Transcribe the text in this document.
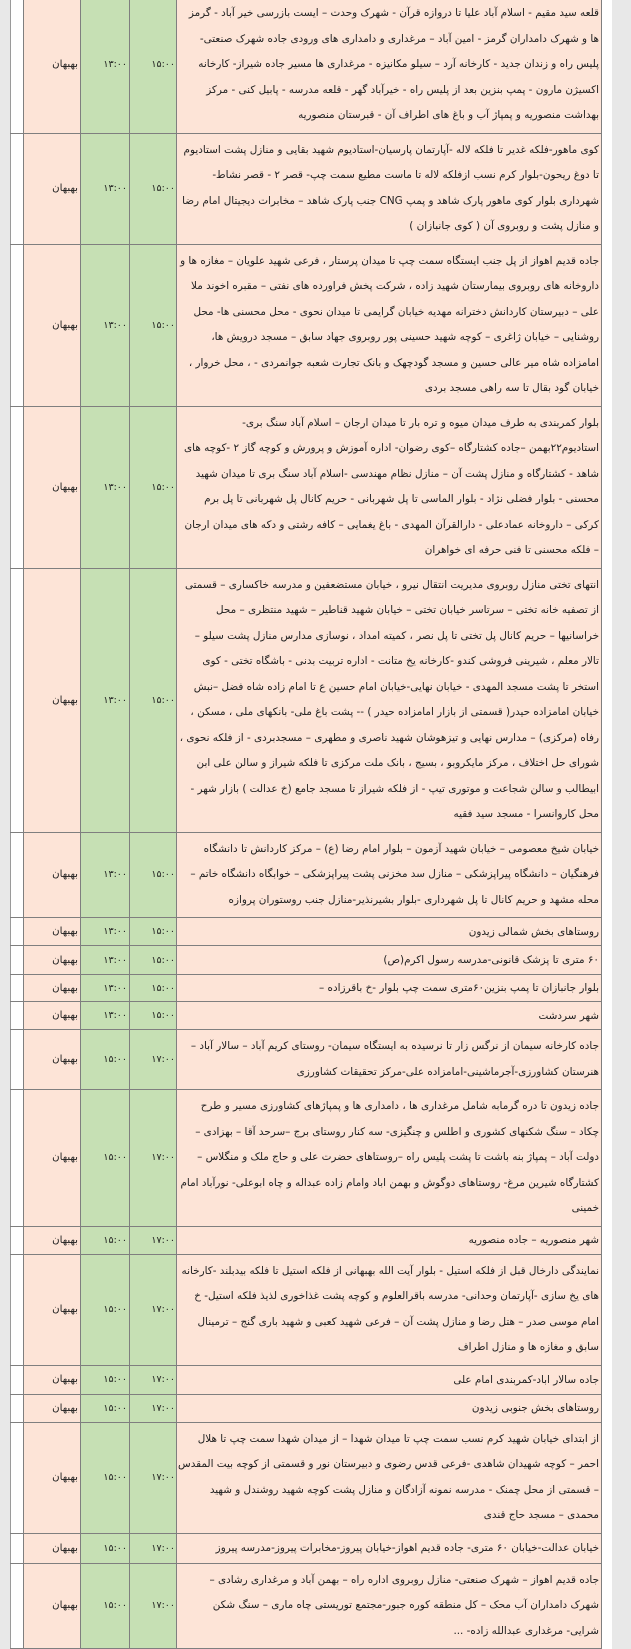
	بهبهان	۱۳:۰۰	۱۵:۰۰	قلعه سید مقیم - اسلام آباد علیا تا دروازه قرآن - شهرک وحدت – ایست بازرسی خیر آباد - گرمز ها و شهرک دامداران گرمز - امین آباد – مرغداری و دامداری های ورودی جاده شهرک صنعتی- پلیس راه و زندان جدید - کارخانه آرد – سیلو مکانیزه - مرغداری ها مسیر جاده شیراز- کارخانه اکسیژن مارون - پمپ بنزین بعد از پلیس راه - خیرآباد گهر - قلعه مدرسه - پابیل کنی - مرکز بهداشت منصوریه و پمپاژ آب و باغ های اطراف آن - قبرستان منصوریه
	بهبهان	۱۳:۰۰	۱۵:۰۰	کوی ماهور-فلکه غدیر تا فلکه لاله -آپارتمان پارسیان-استادیوم شهید بقایی و منازل پشت استادیوم تا دوغ ریحون-بلوار کرم نسب ازفلکه لاله تا ماست مطیع سمت چپ- قصر ۲ - قصر نشاط- شهرداری بلوار کوی ماهور پارک شاهد و پمپ CNG جنب پارک شاهد – مخابرات دیجیتال امام رضا و منازل پشت و روبروی آن ( کوی جانبازان )
	بهبهان	۱۳:۰۰	۱۵:۰۰	جاده قدیم اهواز از پل جنب ایستگاه سمت چپ تا میدان پرستار ، فرعی شهید علویان – مغازه ها و داروخانه های روبروی بیمارستان شهید زاده ، شرکت پخش فراورده های نفتی – مقبره اخوند ملا علی – دبیرستان کاردانش دخترانه مهدیه خیابان گرایمی تا میدان نحوی - محل محسنی ها- محل روشنایی – خیابان ژاغری – کوچه شهید حسینی پور روبروی جهاد سابق – مسجد درویش ها، امامزاده شاه میر عالی حسین و مسجد گودچهک و بانک تجارت شعبه جوانمردی - ، محل خروار ، خیابان گود بقال تا سه راهی مسجد بردی
	بهبهان	۱۳:۰۰	۱۵:۰۰	بلوار کمربندی به طرف میدان میوه و تره بار تا میدان ارجان – اسلام آباد سنگ بری-استادیوم۲۲بهمن –جاده کشتارگاه –کوی رضوان- اداره آموزش و پرورش و کوچه گاز ۲ -کوچه های شاهد - کشتارگاه و منازل پشت آن – منازل نظام مهندسی -اسلام آباد سنگ بری تا میدان شهید محسنی - بلوار فضلی نژاد - بلوار الماسی تا پل شهربانی - حریم کانال پل شهربانی تا پل برم کرکی – داروخانه عمادعلی - دارالقرآن المهدی - باغ یغمایی – کافه رشتی و دکه های میدان ارجان – فلکه محسنی تا فنی حرفه ای خواهران
	بهبهان	۱۳:۰۰	۱۵:۰۰	انتهای تختی منازل روبروی مدیریت انتقال نیرو ، خیابان مستضعفین و مدرسه خاکساری – قسمتی از تصفیه خانه تختی – سرتاسر خیابان تختی – خیابان شهید قناطیر – شهید منتظری – محل خراسانیها – حریم کانال پل تختی تا پل نصر ، کمیته امداد ، نوسازی مدارس منازل پشت سیلو – تالار معلم ، شیرینی فروشی کندو -کارخانه یخ متانت - اداره تربیت بدنی - باشگاه تختی - کوی استخر تا پشت مسجد المهدی - خیابان نهایی-خیابان امام حسین ع تا امام زاده شاه فضل –نبش خیابان امامزاده حیدر( قسمتی از بازار امامزاده حیدر ) -- پشت باغ ملی- بانکهای ملی ، مسکن ، رفاه (مرکزی) – مدارس نهایی و تیزهوشان شهید ناصری و مطهری – مسجدبردی - از فلکه نحوی ، شورای حل اختلاف ، مرکز مایکروبو ، بسیج ، بانک ملت مرکزی تا فلکه شیراز و سالن علی ابن ابیطالب و سالن شجاعت و موتوری تیپ - از فلکه شیراز تا مسجد جامع (خ عدالت ) بازار شهر - محل کاروانسرا - مسجد سید فقیه
	بهبهان	۱۳:۰۰	۱۵:۰۰	خیابان شیخ معصومی – خیابان شهید آزمون – بلوار امام رضا (ع) – مرکز کاردانش تا دانشگاه فرهنگیان – دانشگاه پیراپزشکی – منازل سد مخزنی پشت پیراپزشکی – خوابگاه دانشگاه خاتم – محله مشهد و حریم کانال تا پل شهرداری -بلوار بشیرنذیر-منازل جنب روستوران پروازه
	بهبهان	۱۳:۰۰	۱۵:۰۰	روستاهای بخش شمالی زیدون
	بهبهان	۱۳:۰۰	۱۵:۰۰	۶۰ متری تا پزشک قانونی-مدرسه رسول اکرم(ص)
	بهبهان	۱۳:۰۰	۱۵:۰۰	بلوار جانبازان تا پمپ بنزین۶۰متری سمت چپ بلوار -خ باقرزاده –
	بهبهان	۱۳:۰۰	۱۵:۰۰	شهر سردشت
	بهبهان	۱۵:۰۰	۱۷:۰۰	جاده کارخانه سیمان از نرگس زار تا نرسیده به ایستگاه سیمان- روستای کریم آباد – سالار آباد – هنرستان کشاورزی-آجرماشینی-امامزاده علی-مرکز تحقیقات کشاورزی
	بهبهان	۱۵:۰۰	۱۷:۰۰	جاده زیدون تا دره گرمابه شامل مرغداری ها ، دامداری ها و پمپاژهای کشاورزی مسیر و طرح چکاد – سنگ شکنهای کشوری و اطلس و چنگیزی- سه کنار روستای برج –سرحد آقا – بهزادی – دولت آباد – پمپاژ بنه باشت تا پشت پلیس راه –روستاهای حضرت علی و حاج ملک و منگلاس –کشتارگاه شیرین مرغ- روستاهای دوگوش و بهمن اباد وامام زاده عبداله و چاه ابوعلی- نورآباد امام خمینی
	بهبهان	۱۵:۰۰	۱۷:۰۰	شهر منصوریه – جاده منصوریه
	بهبهان	۱۵:۰۰	۱۷:۰۰	نمایندگی دارخال قبل از فلکه استیل - بلوار آیت الله بهبهانی از فلکه استیل تا فلکه بیدبلند -کارخانه های یخ سازی -آپارتمان وحدانی- مدرسه باقرالعلوم و کوچه پشت غذاخوری لذیذ فلکه استیل- خ امام موسی صدر – هتل رضا و منازل پشت آن – فرعی شهید کعبی و شهید باری گنج – ترمینال سابق و مغازه ها و منازل اطراف
	بهبهان	۱۵:۰۰	۱۷:۰۰	جاده سالار اباد-کمربندی امام علی
	بهبهان	۱۵:۰۰	۱۷:۰۰	روستاهای بخش جنوبی زیدون
	بهبهان	۱۵:۰۰	۱۷:۰۰	از ابتدای خیابان شهید کرم نسب سمت چپ تا میدان شهدا – از میدان شهدا سمت چپ تا هلال احمر – کوچه شهیدان شاهدی -فرعی قدس رضوی و دبیرستان نور و قسمتی از کوچه بیت المقدس – قسمتی از محل چمنک - مدرسه نمونه آزادگان و منازل پشت کوچه شهید روشندل و شهید محمدی – مسجد حاج قندی
	بهبهان	۱۵:۰۰	۱۷:۰۰	خیابان عدالت-خیابان ۶۰ متری- جاده قدیم اهواز-خیابان پیروز-مخابرات پیروز-مدرسه پیروز
	بهبهان	۱۵:۰۰	۱۷:۰۰	جاده قدیم اهواز – شهرک صنعتی- منازل روبروی اداره راه – بهمن آباد و مرغداری رشادی – شهرک دامداران آب محک – کل منطقه کوره جبور-مجتمع توریستی چاه ماری – سنگ شکن شرایی- مرغداری عبدالله زاده- ...
